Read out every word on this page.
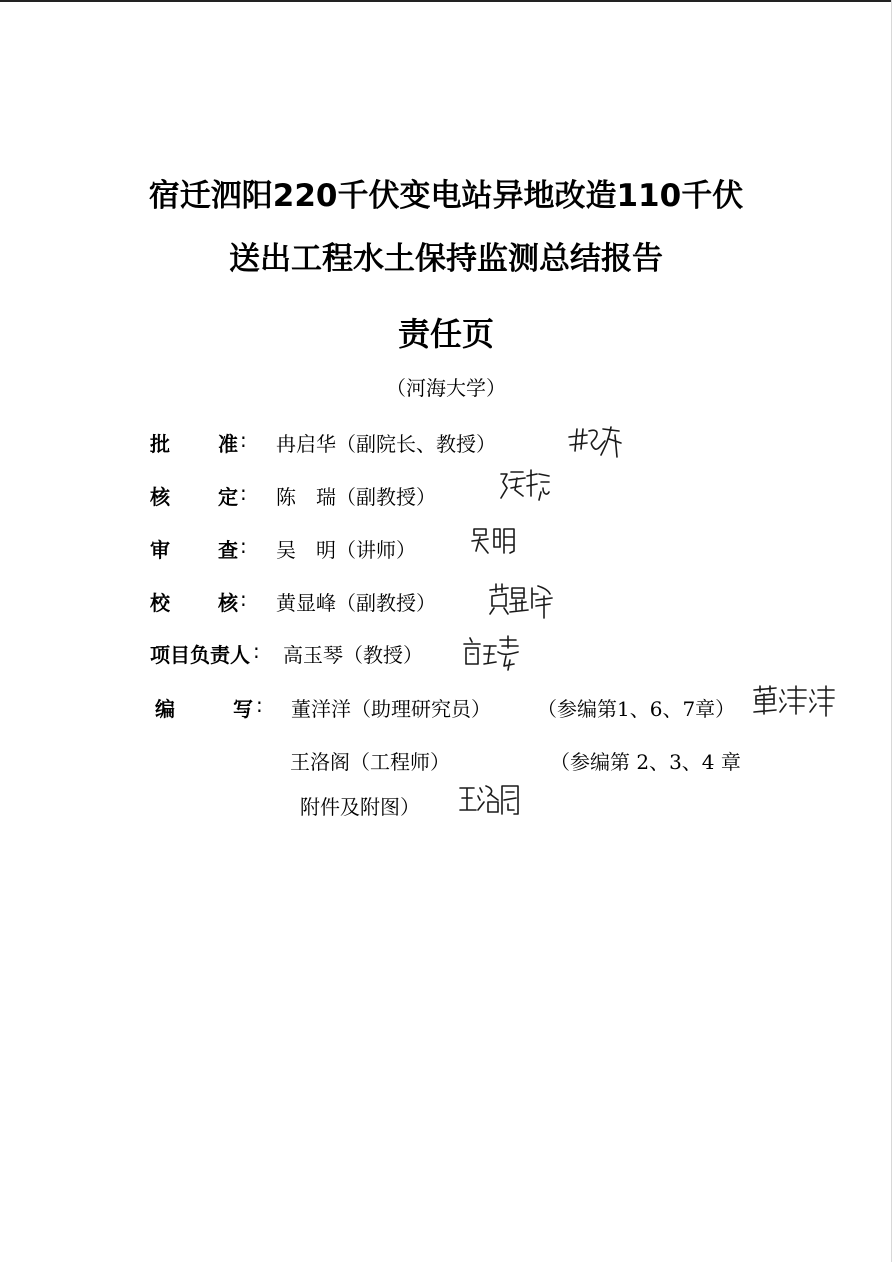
宿迁泗阳220千伏变电站异地改造110千伏
送出工程水土保持监测总结报告
责任页
（河海大学）
批 准 : 冉启华（副院长、教授）
核 定 : 陈　瑞（副教授）
审 查 : 吴　明（讲师）
校 核 : 黄显峰（副教授）
项目负责人 : 高玉琴（教授）
编	写 : 董洋洋（助理研究员） （参编第1、6、7章）
王洛阁（工程师）	（参编第 2、3、4 章
附件及附图）
